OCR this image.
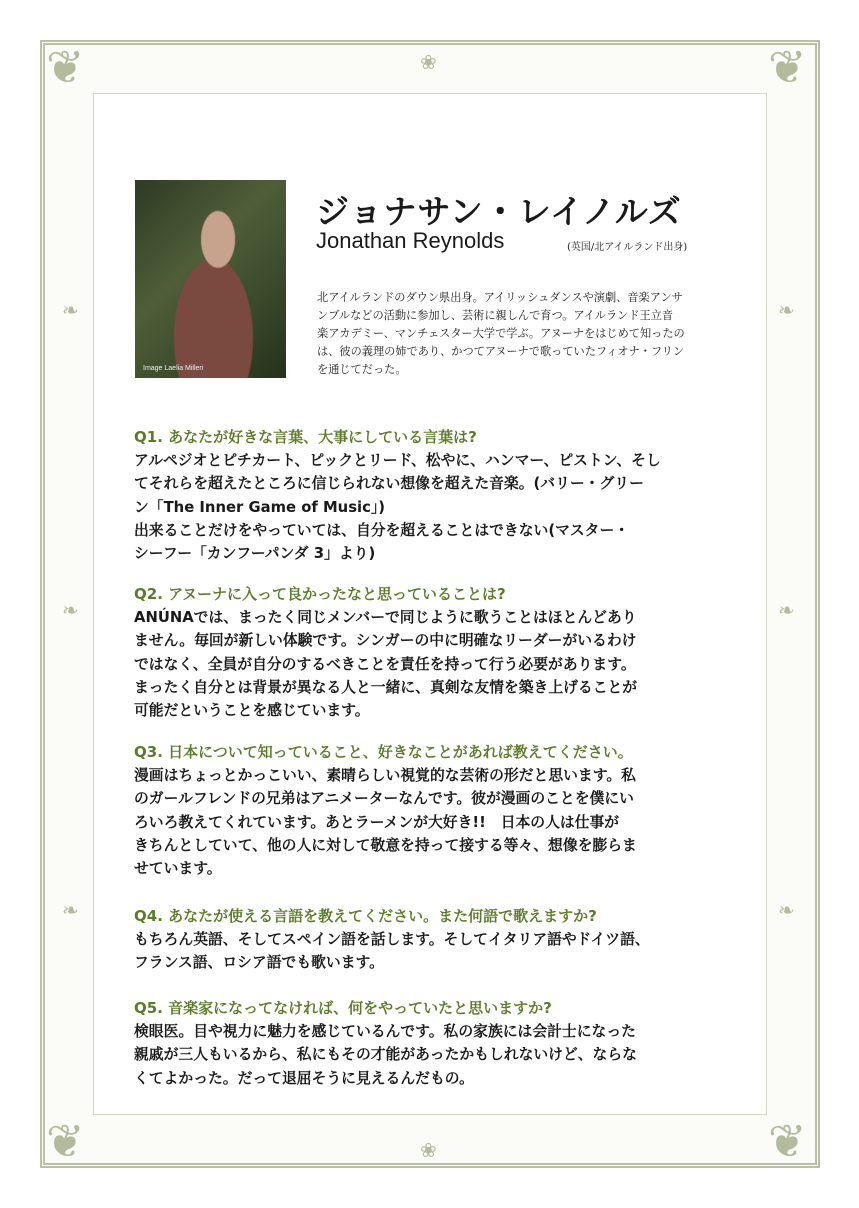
❦	❦
❦	❦
❧
❧
❧
❧
❧
❧
❀
❀
Image Laelia Milleri
ジョナサン・レイノルズ
Jonathan Reynolds	(英国/北アイルランド出身)

北アイルランドのダウン県出身。アイリッシュダンスや演劇、音楽アンサ

ンブルなどの活動に参加し、芸術に親しんで育つ。アイルランド王立音

楽アカデミー、マンチェスター大学で学ぶ。アヌーナをはじめて知ったの

は、彼の義理の姉であり、かつてアヌーナで歌っていたフィオナ・フリン

を通じてだった。

Q1. あなたが好きな言葉、大事にしている言葉は?

アルペジオとピチカート、ピックとリード、松やに、ハンマー、ピストン、そし

てそれらを超えたところに信じられない想像を超えた音楽。(バリー・グリー

ン「The Inner Game of Music」)

出来ることだけをやっていては、自分を超えることはできない(マスター・

シーフー「カンフーパンダ 3」より)

Q2. アヌーナに入って良かったなと思っていることは?

ANÚNAでは、まったく同じメンバーで同じように歌うことはほとんどあり

ません。毎回が新しい体験です。シンガーの中に明確なリーダーがいるわけ

ではなく、全員が自分のするべきことを責任を持って行う必要があります。

まったく自分とは背景が異なる人と一緒に、真剣な友情を築き上げることが

可能だということを感じています。

Q3. 日本について知っていること、好きなことがあれば教えてください。

漫画はちょっとかっこいい、素晴らしい視覚的な芸術の形だと思います。私

のガールフレンドの兄弟はアニメーターなんです。彼が漫画のことを僕にい

ろいろ教えてくれています。あとラーメンが大好き!!　日本の人は仕事が

きちんとしていて、他の人に対して敬意を持って接する等々、想像を膨らま

せています。

Q4. あなたが使える言語を教えてください。また何語で歌えますか?

もちろん英語、そしてスペイン語を話します。そしてイタリア語やドイツ語、

フランス語、ロシア語でも歌います。

Q5. 音楽家になってなければ、何をやっていたと思いますか?

検眼医。目や視力に魅力を感じているんです。私の家族には会計士になった

親戚が三人もいるから、私にもその才能があったかもしれないけど、ならな

くてよかった。だって退屈そうに見えるんだもの。
